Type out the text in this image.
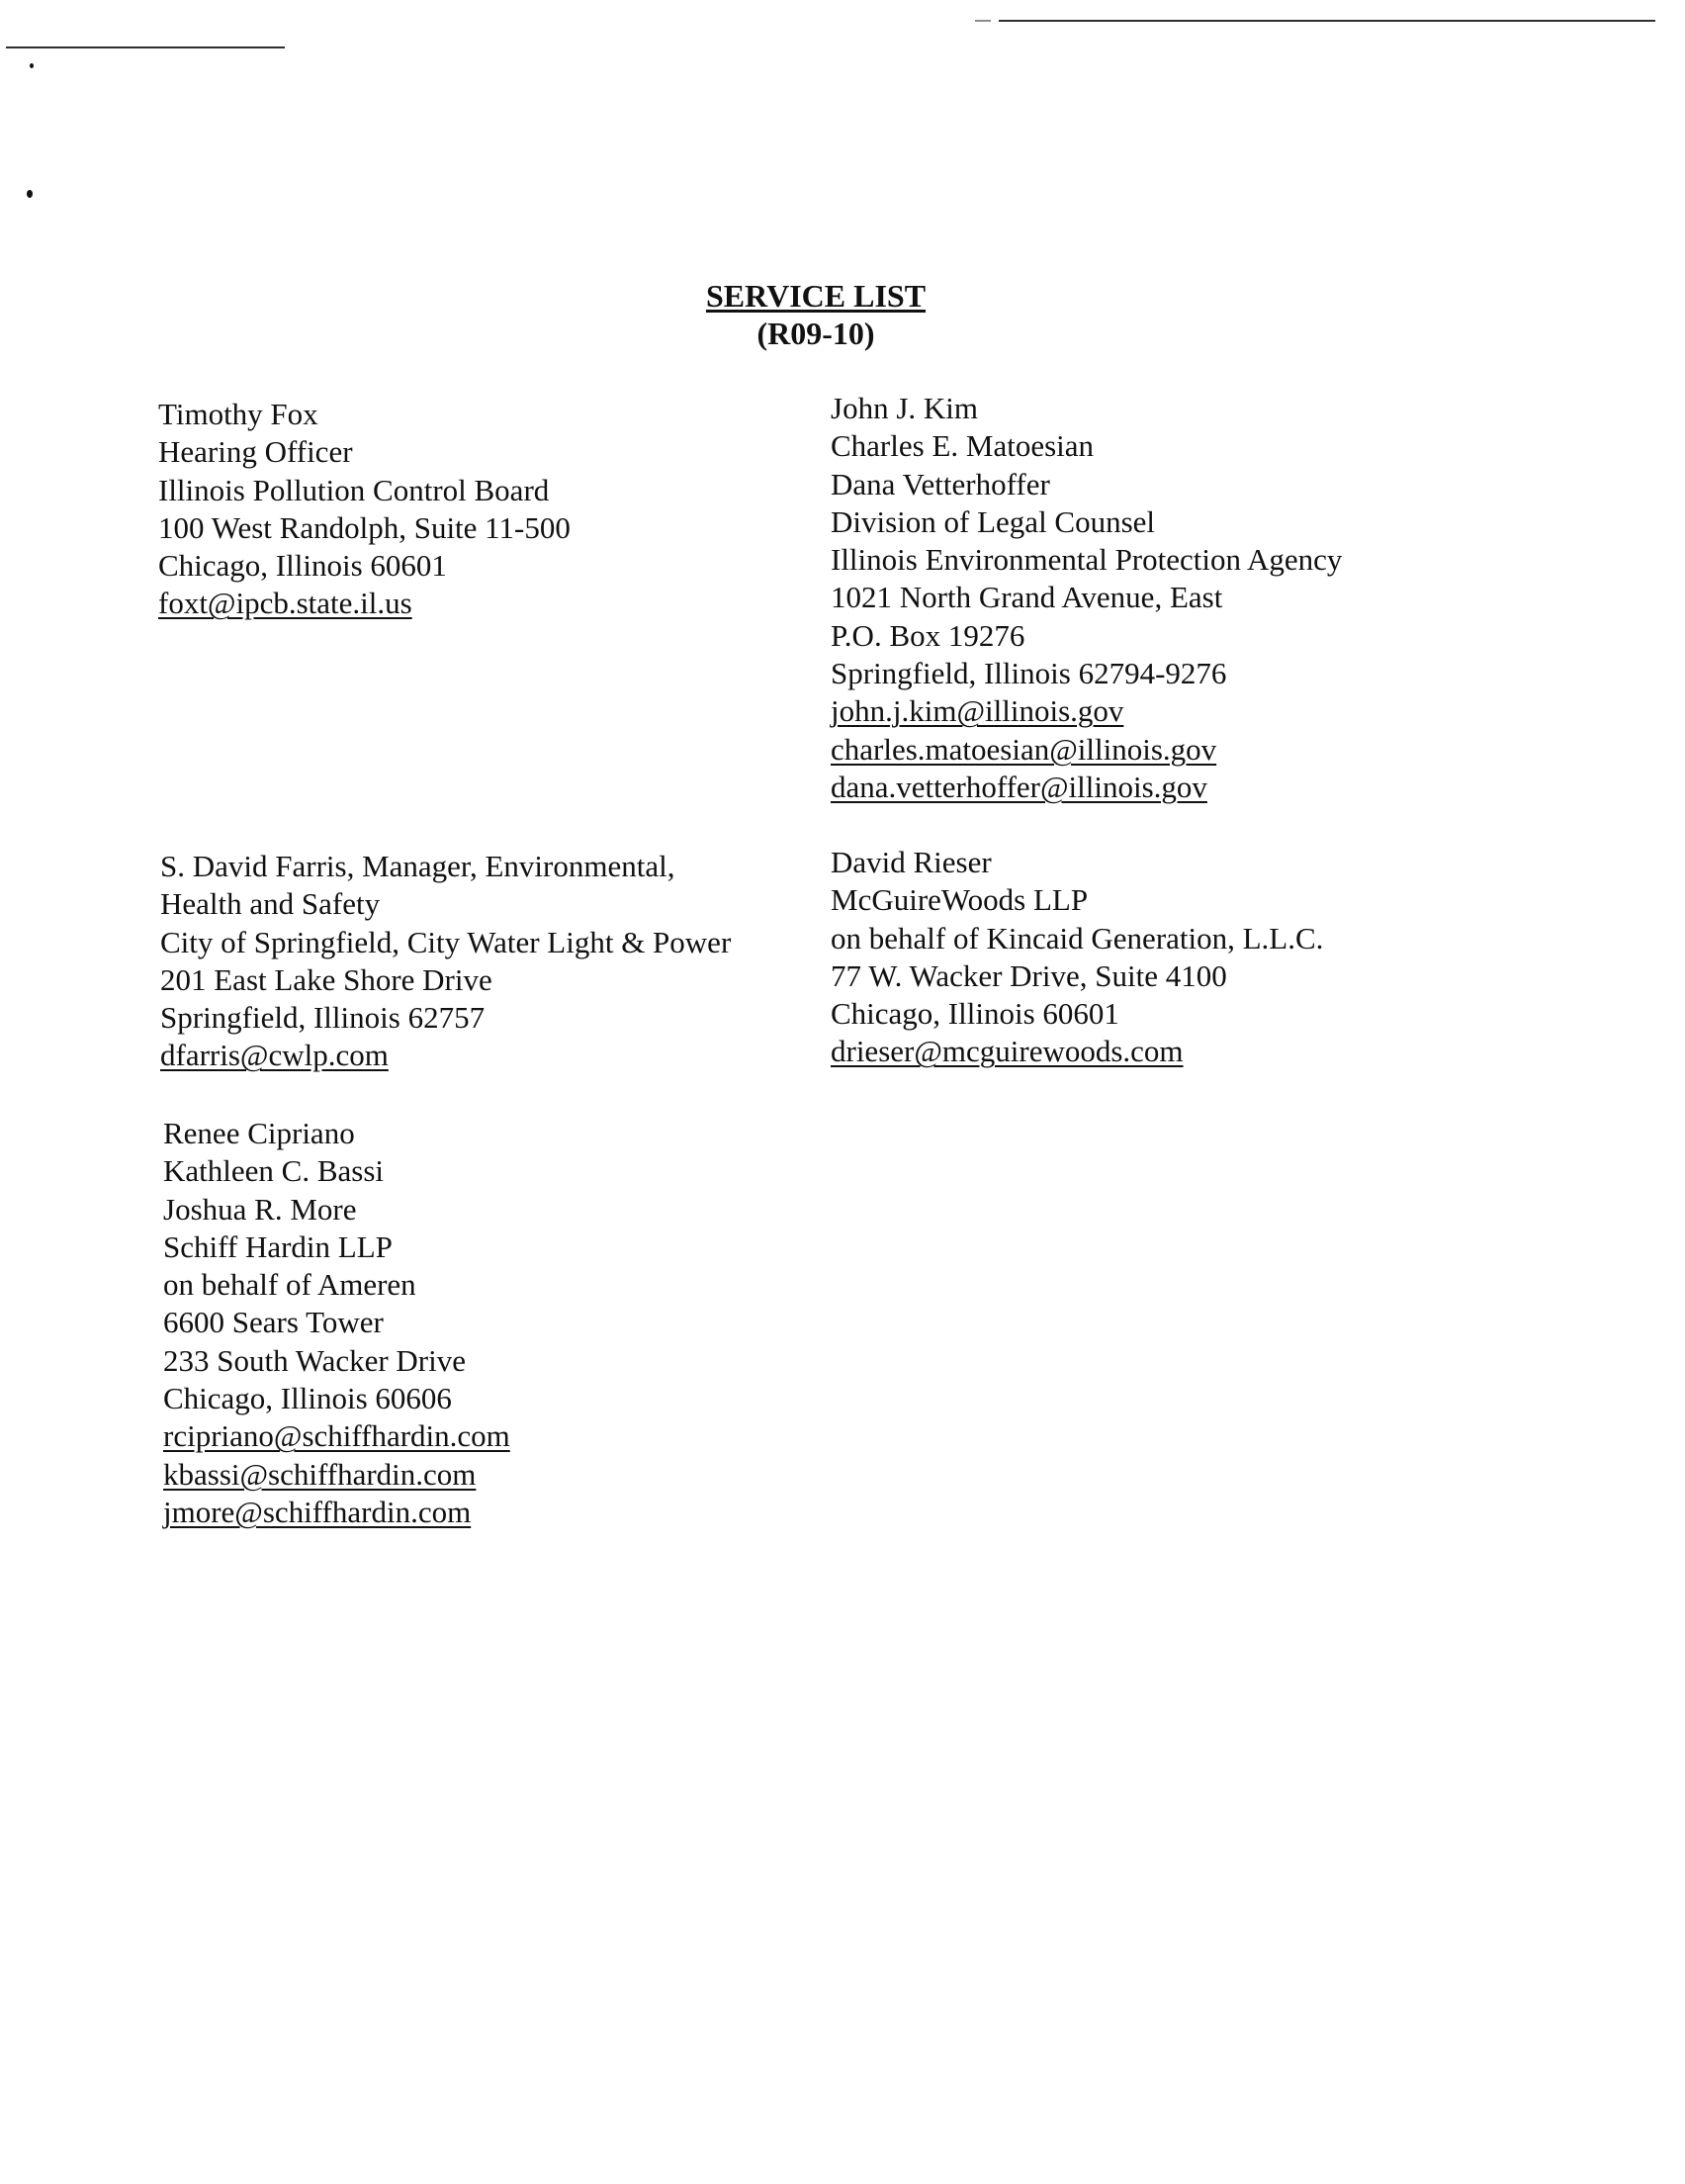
SERVICE LIST
(R09-10)
Timothy Fox
Hearing Officer
Illinois Pollution Control Board
100 West Randolph, Suite 11-500
Chicago, Illinois 60601
foxt@ipcb.state.il.us
John J. Kim
Charles E. Matoesian
Dana Vetterhoffer
Division of Legal Counsel
Illinois Environmental Protection Agency
1021 North Grand Avenue, East
P.O. Box 19276
Springfield, Illinois 62794-9276
john.j.kim@illinois.gov
charles.matoesian@illinois.gov
dana.vetterhoffer@illinois.gov
S. David Farris, Manager, Environmental,
Health and Safety
City of Springfield, City Water Light & Power
201 East Lake Shore Drive
Springfield, Illinois 62757
dfarris@cwlp.com
David Rieser
McGuireWoods LLP
on behalf of Kincaid Generation, L.L.C.
77 W. Wacker Drive, Suite 4100
Chicago, Illinois 60601
drieser@mcguirewoods.com
Renee Cipriano
Kathleen C. Bassi
Joshua R. More
Schiff Hardin LLP
on behalf of Ameren
6600 Sears Tower
233 South Wacker Drive
Chicago, Illinois 60606
rcipriano@schiffhardin.com
kbassi@schiffhardin.com
jmore@schiffhardin.com
